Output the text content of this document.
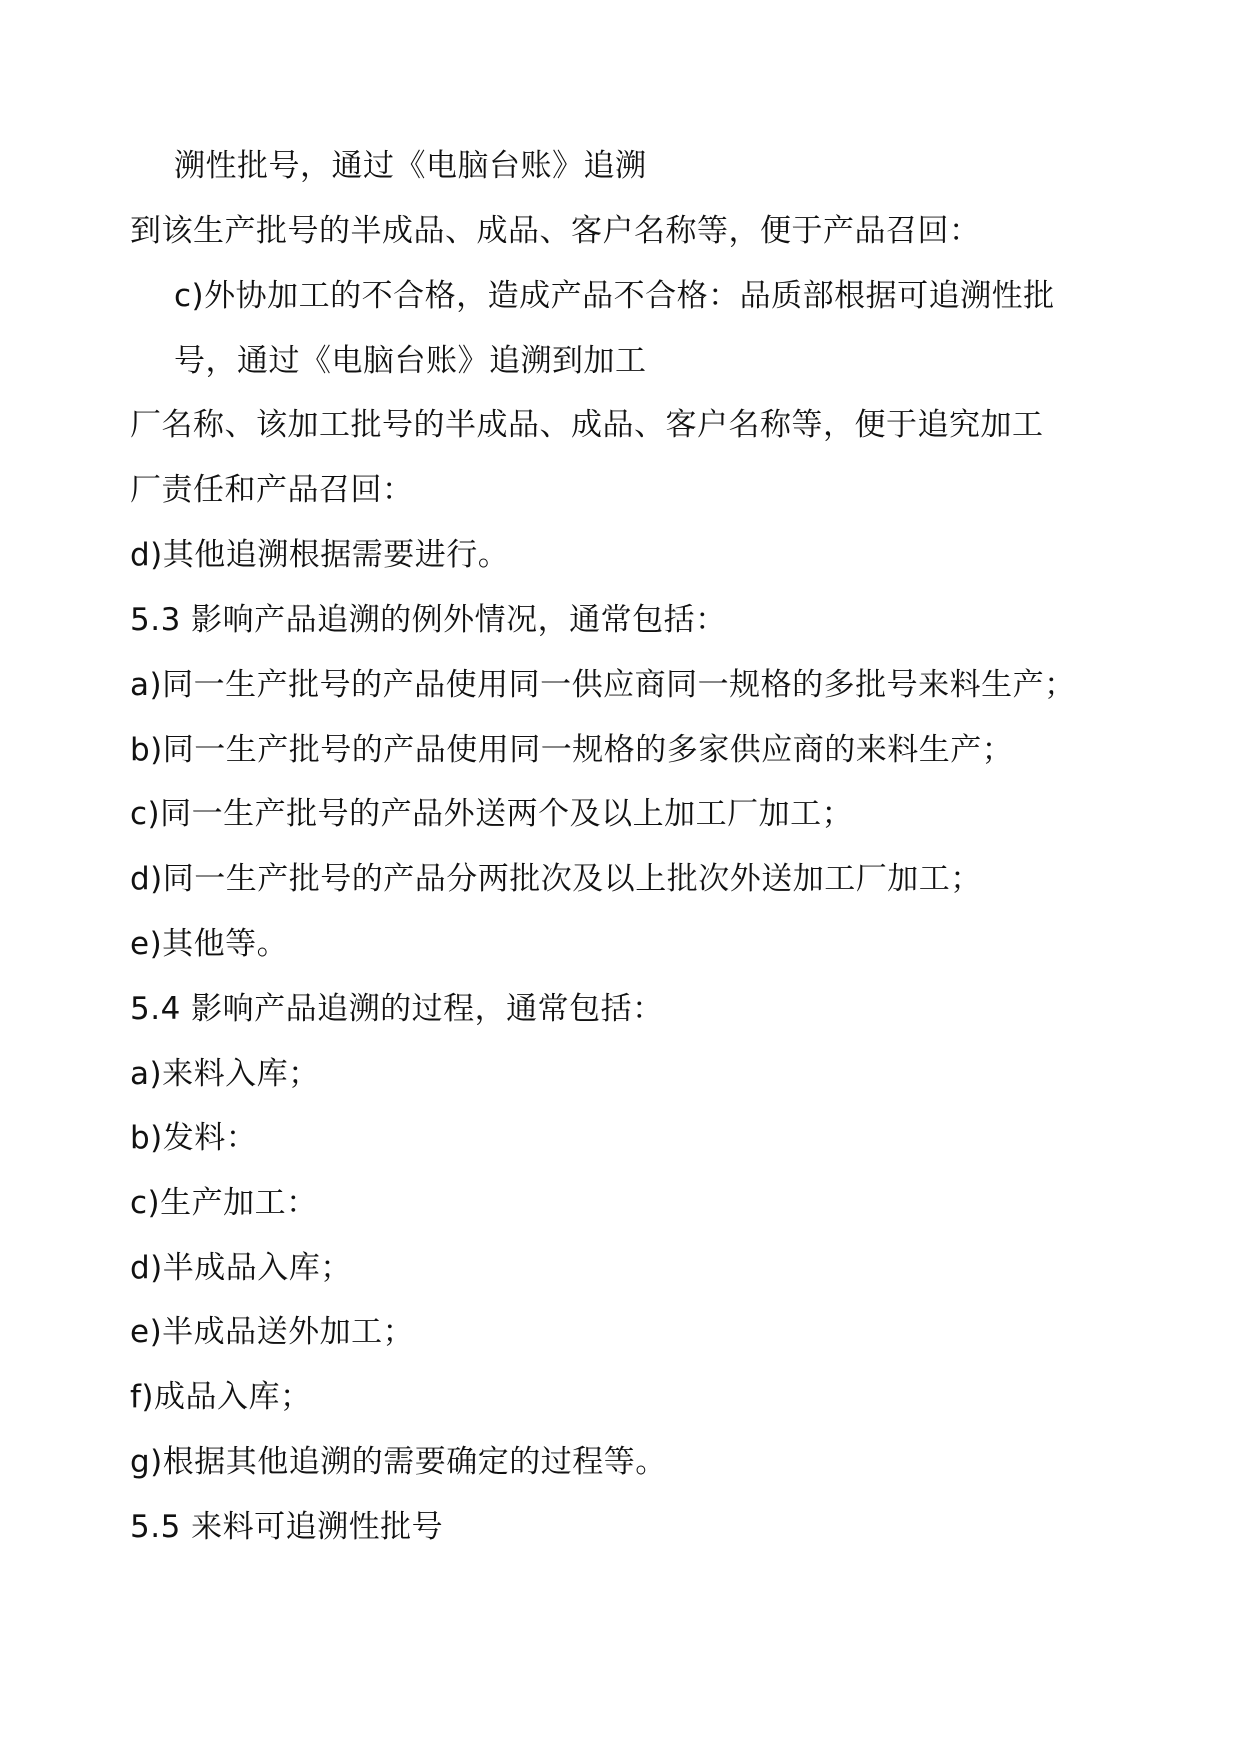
溯性批号，通过《电脑台账》追溯
到该生产批号的半成品、成品、客户名称等，便于产品召回：
c)外协加工的不合格，造成产品不合格：品质部根据可追溯性批
号，通过《电脑台账》追溯到加工
厂名称、该加工批号的半成品、成品、客户名称等，便于追究加工
厂责任和产品召回：
d)其他追溯根据需要进行。
5.3 影响产品追溯的例外情况，通常包括：
a)同一生产批号的产品使用同一供应商同一规格的多批号来料生产；
b)同一生产批号的产品使用同一规格的多家供应商的来料生产；
c)同一生产批号的产品外送两个及以上加工厂加工；
d)同一生产批号的产品分两批次及以上批次外送加工厂加工；
e)其他等。
5.4 影响产品追溯的过程，通常包括：
a)来料入库；
b)发料：
c)生产加工：
d)半成品入库；
e)半成品送外加工；
f)成品入库；
g)根据其他追溯的需要确定的过程等。
5.5 来料可追溯性批号
